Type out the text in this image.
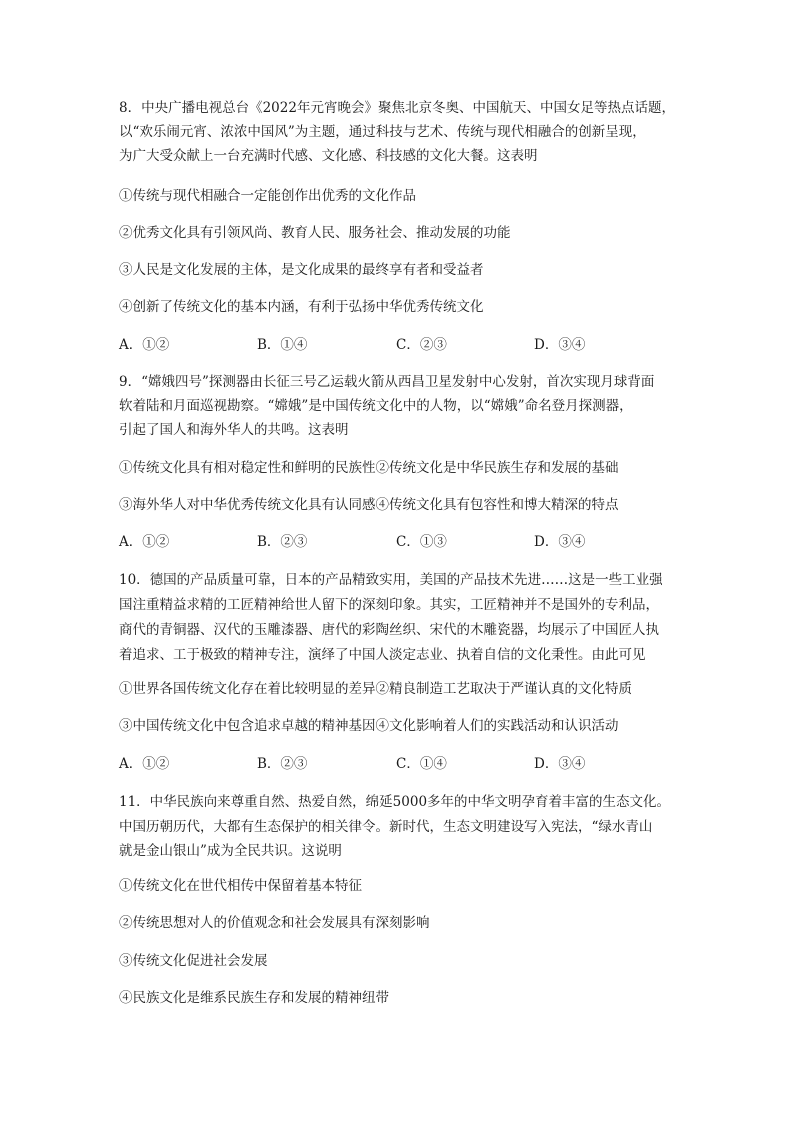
8．中央广播电视总台《2022年元宵晚会》聚焦北京冬奥、中国航天、中国女足等热点话题，
以“欢乐闹元宵、浓浓中国风”为主题，通过科技与艺术、传统与现代相融合的创新呈现，
为广大受众献上一台充满时代感、文化感、科技感的文化大餐。这表明
①传统与现代相融合一定能创作出优秀的文化作品
②优秀文化具有引领风尚、教育人民、服务社会、推动发展的功能
③人民是文化发展的主体，是文化成果的最终享有者和受益者
④创新了传统文化的基本内涵，有利于弘扬中华优秀传统文化
A．①②	B．①④	C．②③	D．③④
9．“嫦娥四号”探测器由长征三号乙运载火箭从西昌卫星发射中心发射，首次实现月球背面
软着陆和月面巡视勘察。“嫦娥”是中国传统文化中的人物，以“嫦娥”命名登月探测器，
引起了国人和海外华人的共鸣。这表明
①传统文化具有相对稳定性和鲜明的民族性②传统文化是中华民族生存和发展的基础
③海外华人对中华优秀传统文化具有认同感④传统文化具有包容性和博大精深的特点
A．①②	B．②③	C．①③	D．③④
10．德国的产品质量可靠，日本的产品精致实用，美国的产品技术先进……这是一些工业强
国注重精益求精的工匠精神给世人留下的深刻印象。其实，工匠精神并不是国外的专利品，
商代的青铜器、汉代的玉雕漆器、唐代的彩陶丝织、宋代的木雕瓷器，均展示了中国匠人执
着追求、工于极致的精神专注，演绎了中国人淡定志业、执着自信的文化秉性。由此可见
①世界各国传统文化存在着比较明显的差异②精良制造工艺取决于严谨认真的文化特质
③中国传统文化中包含追求卓越的精神基因④文化影响着人们的实践活动和认识活动
A．①②	B．②③	C．①④	D．③④
11．中华民族向来尊重自然、热爱自然，绵延5000多年的中华文明孕育着丰富的生态文化。
中国历朝历代，大都有生态保护的相关律令。新时代，生态文明建设写入宪法，“绿水青山
就是金山银山”成为全民共识。这说明
①传统文化在世代相传中保留着基本特征
②传统思想对人的价值观念和社会发展具有深刻影响
③传统文化促进社会发展
④民族文化是维系民族生存和发展的精神纽带
